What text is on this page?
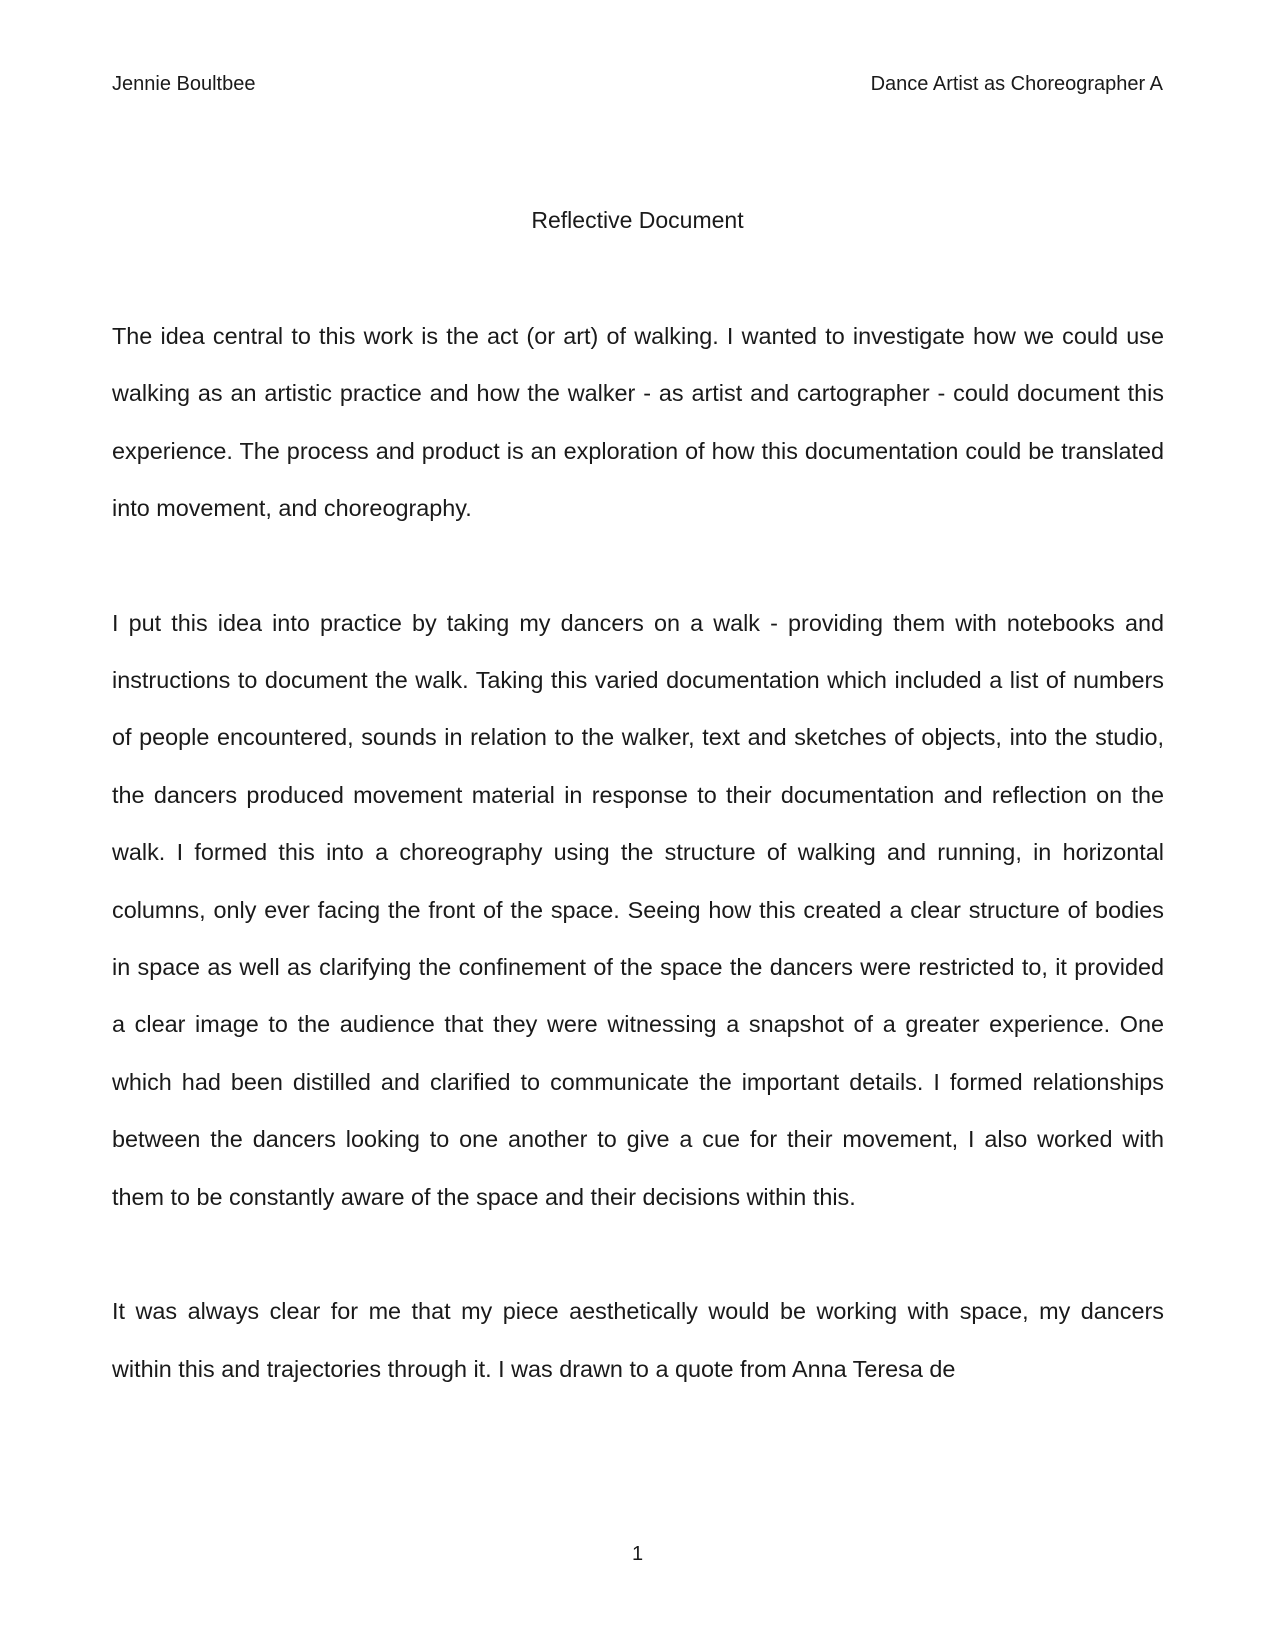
Jennie Boultbee	Dance Artist as Choreographer A
Reflective Document

The idea central to this work is the act (or art) of walking. I wanted to investigate how we could use walking as an artistic practice and how the walker - as artist and cartographer - could document this experience. The process and product is an exploration of how this documentation could be translated into movement, and choreography.

I put this idea into practice by taking my dancers on a walk - providing them with notebooks and instructions to document the walk. Taking this varied documentation which included a list of numbers of people encountered, sounds in relation to the walker, text and sketches of objects, into the studio, the dancers produced movement material in response to their documentation and reflection on the walk. I formed this into a choreography using the structure of walking and running, in horizontal columns, only ever facing the front of the space. Seeing how this created a clear structure of bodies in space as well as clarifying the confinement of the space the dancers were restricted to, it provided a clear image to the audience that they were witnessing a snapshot of a greater experience. One which had been distilled and clarified to communicate the important details. I formed relationships between the dancers looking to one another to give a cue for their movement, I also worked with them to be constantly aware of the space and their decisions within this.

It was always clear for me that my piece aesthetically would be working with space, my dancers within this and trajectories through it. I was drawn to a quote from Anna Teresa de

1
